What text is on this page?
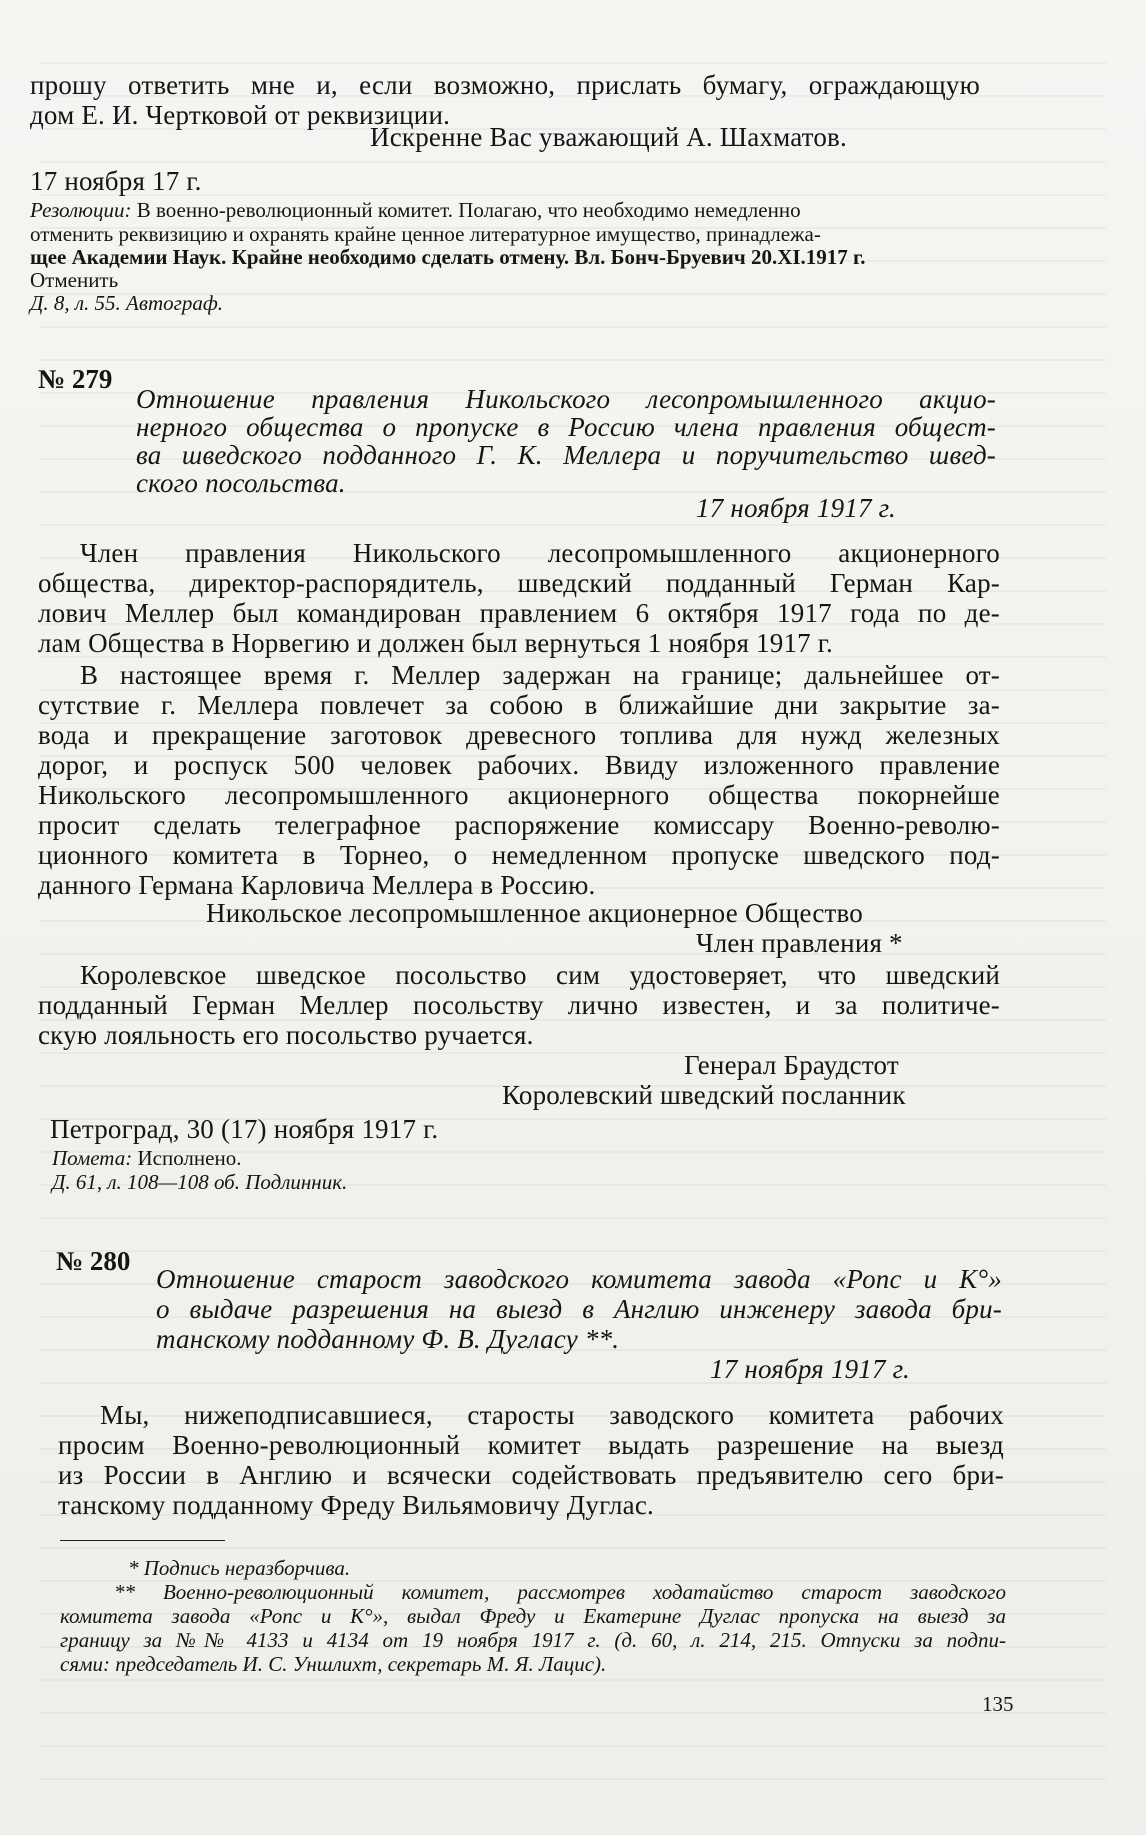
прошу ответить мне и, если возможно, прислать бумагу, ограждающую
дом Е. И. Чертковой от реквизиции.
Искренне Вас уважающий А. Шахматов.
17 ноября 17 г.
Резолюции: В военно-революционный комитет. Полагаю, что необходимо немедленно
отменить реквизицию и охранять крайне ценное литературное имущество, принадлежа-
щее Академии Наук. Крайне необходимо сделать отмену. Вл. Бонч-Бруевич 20.XI.1917 г.
Отменить
Д. 8, л. 55. Автограф.
№ 279
Отношение правления Никольского лесопромышленного акцио-
нерного общества о пропуске в Россию члена правления общест-
ва шведского подданного Г. К. Меллера и поручительство швед-
ского посольства.
17 ноября 1917 г.
Член правления Никольского лесопромышленного акционерного
общества, директор-распорядитель, шведский подданный Герман Кар-
лович Меллер был командирован правлением 6 октября 1917 года по де-
лам Общества в Норвегию и должен был вернуться 1 ноября 1917 г.
В настоящее время г. Меллер задержан на границе; дальнейшее от-
сутствие г. Меллера повлечет за собою в ближайшие дни закрытие за-
вода и прекращение заготовок древесного топлива для нужд железных
дорог, и роспуск 500 человек рабочих. Ввиду изложенного правление
Никольского лесопромышленного акционерного общества покорнейше
просит сделать телеграфное распоряжение комиссару Военно-револю-
ционного комитета в Торнео, о немедленном пропуске шведского под-
данного Германа Карловича Меллера в Россию.
Никольское лесопромышленное акционерное Общество
Член правления *
Королевское шведское посольство сим удостоверяет, что шведский
подданный Герман Меллер посольству лично известен, и за политиче-
скую лояльность его посольство ручается.
Генерал Браудстот
Королевский шведский посланник
Петроград, 30 (17) ноября 1917 г.
Помета: Исполнено.
Д. 61, л. 108—108 об. Подлинник.
№ 280
Отношение старост заводского комитета завода «Ропс и К°»
о выдаче разрешения на выезд в Англию инженеру завода бри-
танскому подданному Ф. В. Дугласу **.
17 ноября 1917 г.
Мы, нижеподписавшиеся, старосты заводского комитета рабочих
просим Военно-революционный комитет выдать разрешение на выезд
из России в Англию и всячески содействовать предъявителю сего бри-
танскому подданному Фреду Вильямовичу Дуглас.
* Подпись неразборчива.
** Военно-революционный комитет, рассмотрев ходатайство старост заводского
комитета завода «Ропс и К°», выдал Фреду и Екатерине Дуглас пропуска на выезд за
границу за №№ 4133 и 4134 от 19 ноября 1917 г. (д. 60, л. 214, 215. Отпуски за подпи-
сями: председатель И. С. Уншлихт, секретарь М. Я. Лацис).
135
